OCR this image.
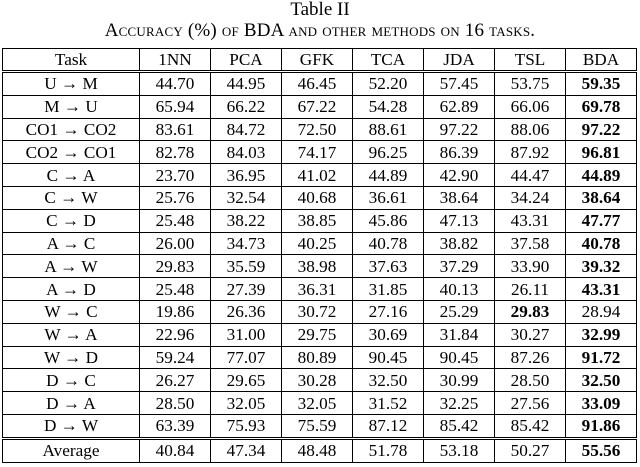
Table II
Accuracy (%) of BDA and other methods on 16 tasks.
Task	1NN	PCA	GFK	TCA	JDA	TSL	BDA
U → M	44.70	44.95	46.45	52.20	57.45	53.75	59.35
M → U	65.94	66.22	67.22	54.28	62.89	66.06	69.78
CO1 → CO2	83.61	84.72	72.50	88.61	97.22	88.06	97.22
CO2 → CO1	82.78	84.03	74.17	96.25	86.39	87.92	96.81
C → A	23.70	36.95	41.02	44.89	42.90	44.47	44.89
C → W	25.76	32.54	40.68	36.61	38.64	34.24	38.64
C → D	25.48	38.22	38.85	45.86	47.13	43.31	47.77
A → C	26.00	34.73	40.25	40.78	38.82	37.58	40.78
A → W	29.83	35.59	38.98	37.63	37.29	33.90	39.32
A → D	25.48	27.39	36.31	31.85	40.13	26.11	43.31
W → C	19.86	26.36	30.72	27.16	25.29	29.83	28.94
W → A	22.96	31.00	29.75	30.69	31.84	30.27	32.99
W → D	59.24	77.07	80.89	90.45	90.45	87.26	91.72
D → C	26.27	29.65	30.28	32.50	30.99	28.50	32.50
D → A	28.50	32.05	32.05	31.52	32.25	27.56	33.09
D → W	63.39	75.93	75.59	87.12	85.42	85.42	91.86
Average	40.84	47.34	48.48	51.78	53.18	50.27	55.56
